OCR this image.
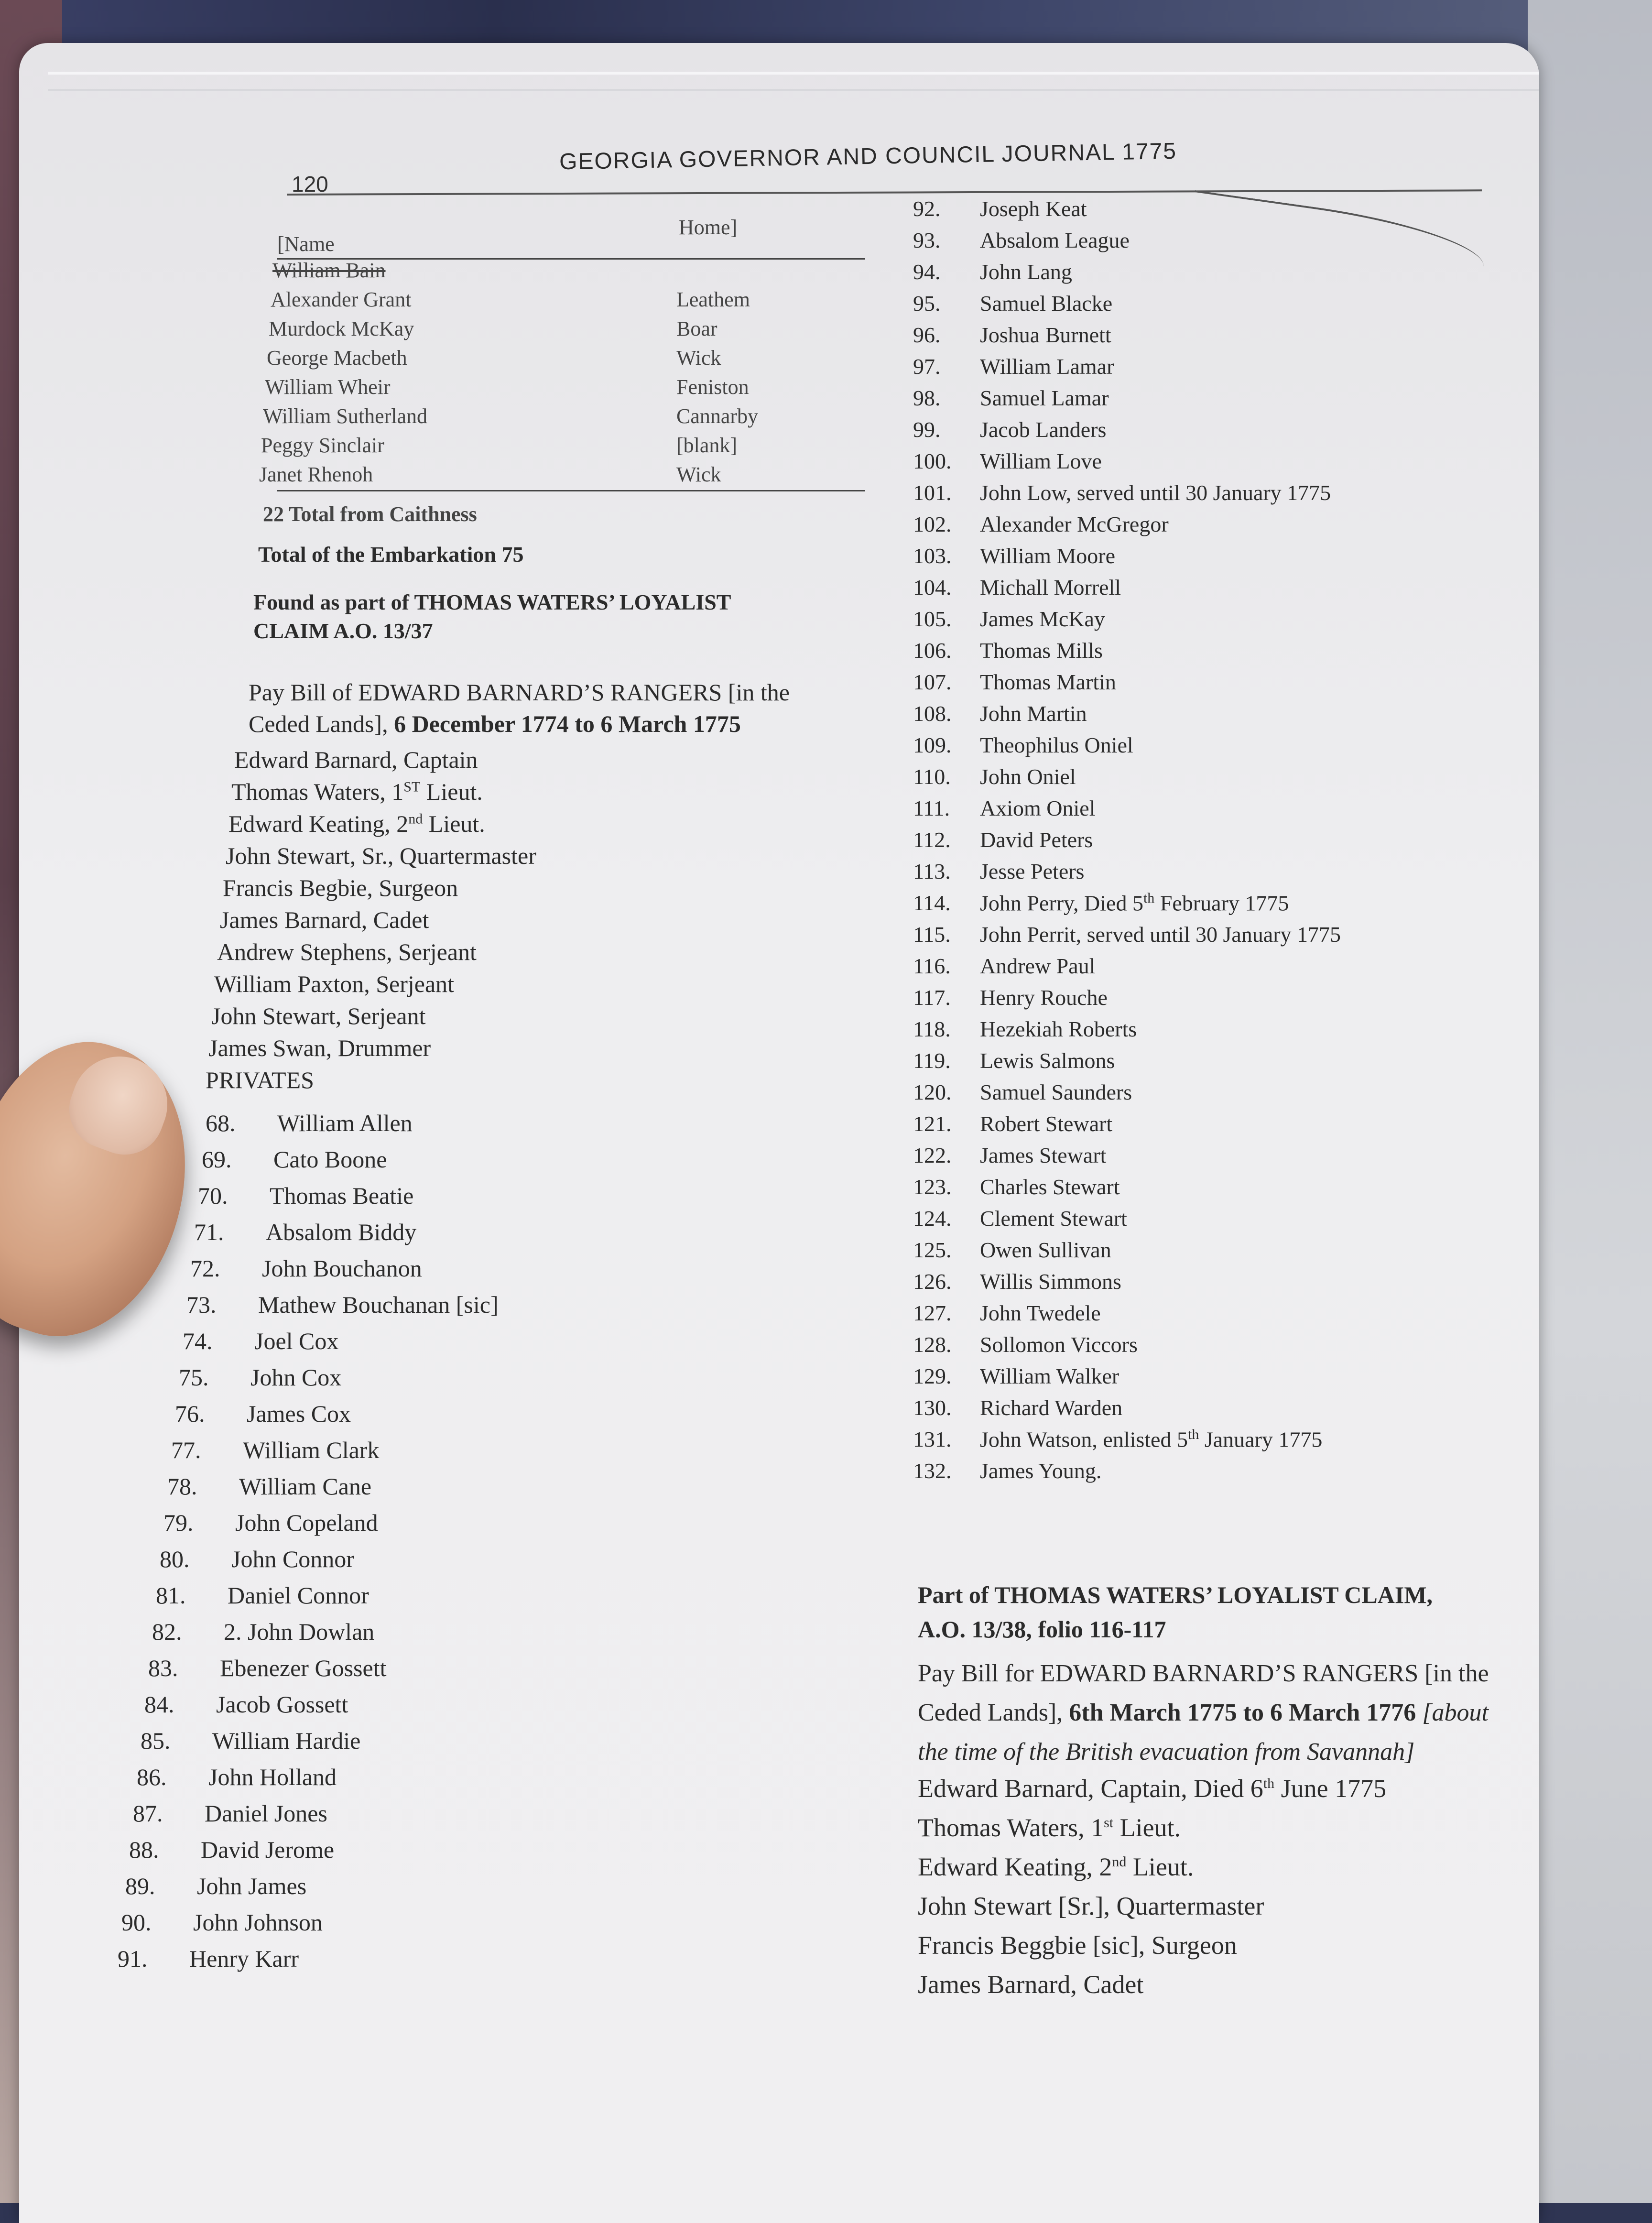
120
GEORGIA GOVERNOR AND COUNCIL JOURNAL 1775
[Name
Home]
William Bain
Alexander Grant	Leathem
Murdock McKay	Boar
George Macbeth	Wick
William Wheir	Feniston
William Sutherland	Cannarby
Peggy Sinclair	[blank]
Janet Rhenoh	Wick
22 Total from Caithness
Total of the Embarkation 75
Found as part of THOMAS WATERS’ LOYALIST
CLAIM A.O. 13/37
Pay Bill of EDWARD BARNARD’S RANGERS [in the
Ceded Lands], 6 December 1774 to 6 March 1775
Edward Barnard, Captain
Thomas Waters, 1ST Lieut.
Edward Keating, 2nd Lieut.
John Stewart, Sr., Quartermaster
Francis Begbie, Surgeon
James Barnard, Cadet
Andrew Stephens, Serjeant
William Paxton, Serjeant
John Stewart, Serjeant
James Swan, Drummer
PRIVATES
68.	William Allen
69.	Cato Boone
70.	Thomas Beatie
71.	Absalom Biddy
72.	John Bouchanon
73.	Mathew Bouchanan [sic]
74.	Joel Cox
75.	John Cox
76.	James Cox
77.	William Clark
78.	William Cane
79.	John Copeland
80.	John Connor
81.	Daniel Connor
82.	2. John Dowlan
83.	Ebenezer Gossett
84.	Jacob Gossett
85.	William Hardie
86.	John Holland
87.	Daniel Jones
88.	David Jerome
89.	John James
90.	John Johnson
91.	Henry Karr
92.	Joseph Keat
93.	Absalom League
94.	John Lang
95.	Samuel Blacke
96.	Joshua Burnett
97.	William Lamar
98.	Samuel Lamar
99.	Jacob Landers
100.	William Love
101.	John Low, served until 30 January 1775
102.	Alexander McGregor
103.	William Moore
104.	Michall Morrell
105.	James McKay
106.	Thomas Mills
107.	Thomas Martin
108.	John Martin
109.	Theophilus Oniel
110.	John Oniel
111.	Axiom Oniel
112.	David Peters
113.	Jesse Peters
114.	John Perry, Died 5th February 1775
115.	John Perrit, served until 30 January 1775
116.	Andrew Paul
117.	Henry Rouche
118.	Hezekiah Roberts
119.	Lewis Salmons
120.	Samuel Saunders
121.	Robert Stewart
122.	James Stewart
123.	Charles Stewart
124.	Clement Stewart
125.	Owen Sullivan
126.	Willis Simmons
127.	John Twedele
128.	Sollomon Viccors
129.	William Walker
130.	Richard Warden
131.	John Watson, enlisted 5th January 1775
132.	James Young.
Part of THOMAS WATERS’ LOYALIST CLAIM,
A.O. 13/38, folio 116-117
Pay Bill for EDWARD BARNARD’S RANGERS [in the
Ceded Lands], 6th March 1775 to 6 March 1776 [about
the time of the British evacuation from Savannah]
Edward Barnard, Captain, Died 6th June 1775
Thomas Waters, 1st Lieut.
Edward Keating, 2nd Lieut.
John Stewart [Sr.], Quartermaster
Francis Beggbie [sic], Surgeon
James Barnard, Cadet
